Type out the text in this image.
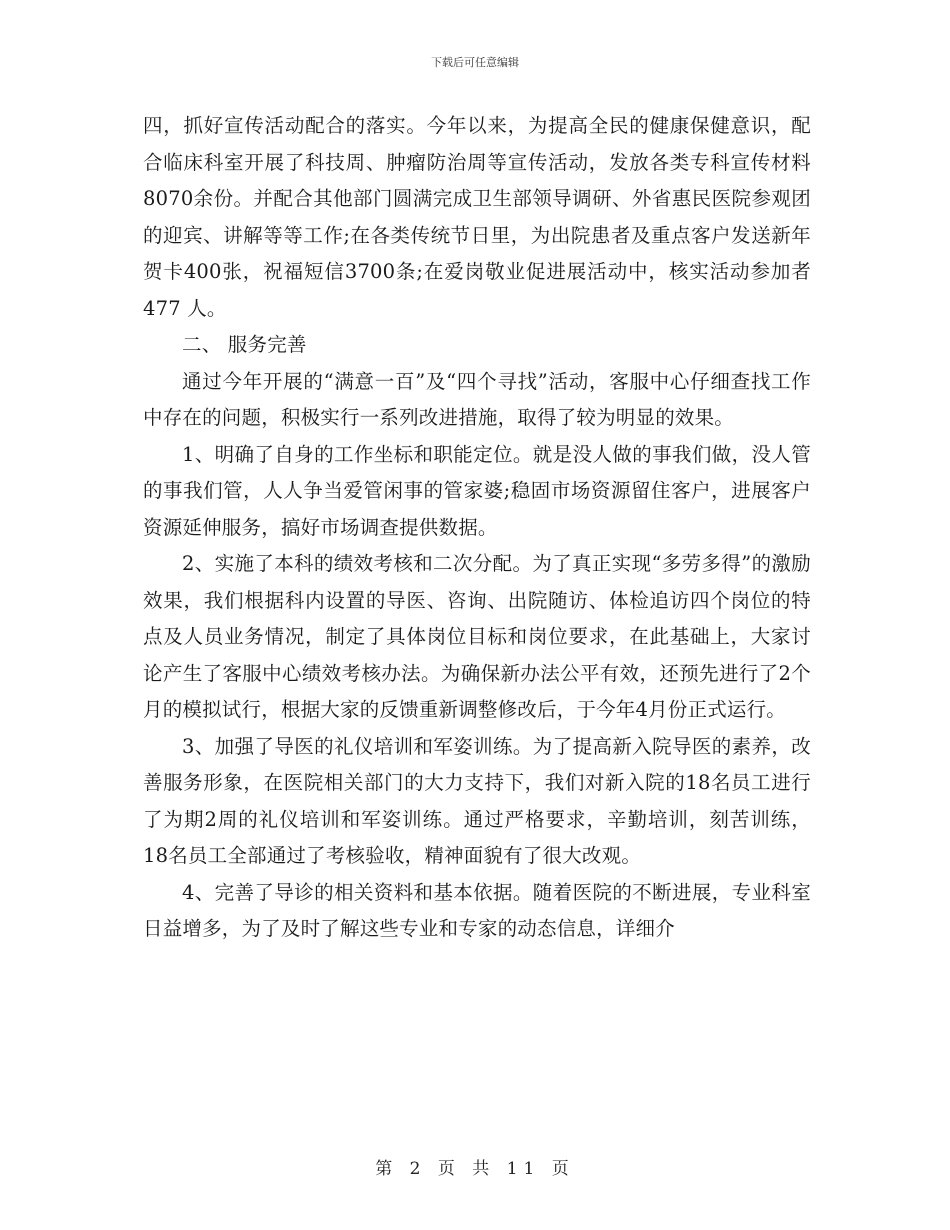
下载后可任意编辑

四，抓好宣传活动配合的落实。今年以来，为提高全民的健康保健意识，配合临床科室开展了科技周、肿瘤防治周等宣传活动，发放各类专科宣传材料8070余份。并配合其他部门圆满完成卫生部领导调研、外省惠民医院参观团的迎宾、讲解等等工作;在各类传统节日里，为出院患者及重点客户发送新年贺卡400张，祝福短信3700条;在爱岗敬业促进展活动中，核实活动参加者477 人。

二、 服务完善

通过今年开展的“满意一百”及“四个寻找”活动，客服中心仔细查找工作中存在的问题，积极实行一系列改进措施，取得了较为明显的效果。

1、明确了自身的工作坐标和职能定位。就是没人做的事我们做，没人管的事我们管，人人争当爱管闲事的管家婆;稳固市场资源留住客户，进展客户资源延伸服务，搞好市场调查提供数据。

2、实施了本科的绩效考核和二次分配。为了真正实现“多劳多得”的激励效果，我们根据科内设置的导医、咨询、出院随访、体检追访四个岗位的特点及人员业务情况，制定了具体岗位目标和岗位要求，在此基础上，大家讨论产生了客服中心绩效考核办法。为确保新办法公平有效，还预先进行了2个月的模拟试行，根据大家的反馈重新调整修改后，于今年4月份正式运行。

3、加强了导医的礼仪培训和军姿训练。为了提高新入院导医的素养，改善服务形象，在医院相关部门的大力支持下，我们对新入院的18名员工进行了为期2周的礼仪培训和军姿训练。通过严格要求，辛勤培训，刻苦训练，18名员工全部通过了考核验收，精神面貌有了很大改观。

4、完善了导诊的相关资料和基本依据。随着医院的不断进展，专业科室日益增多，为了及时了解这些专业和专家的动态信息，详细介

第 2 页 共 11 页
